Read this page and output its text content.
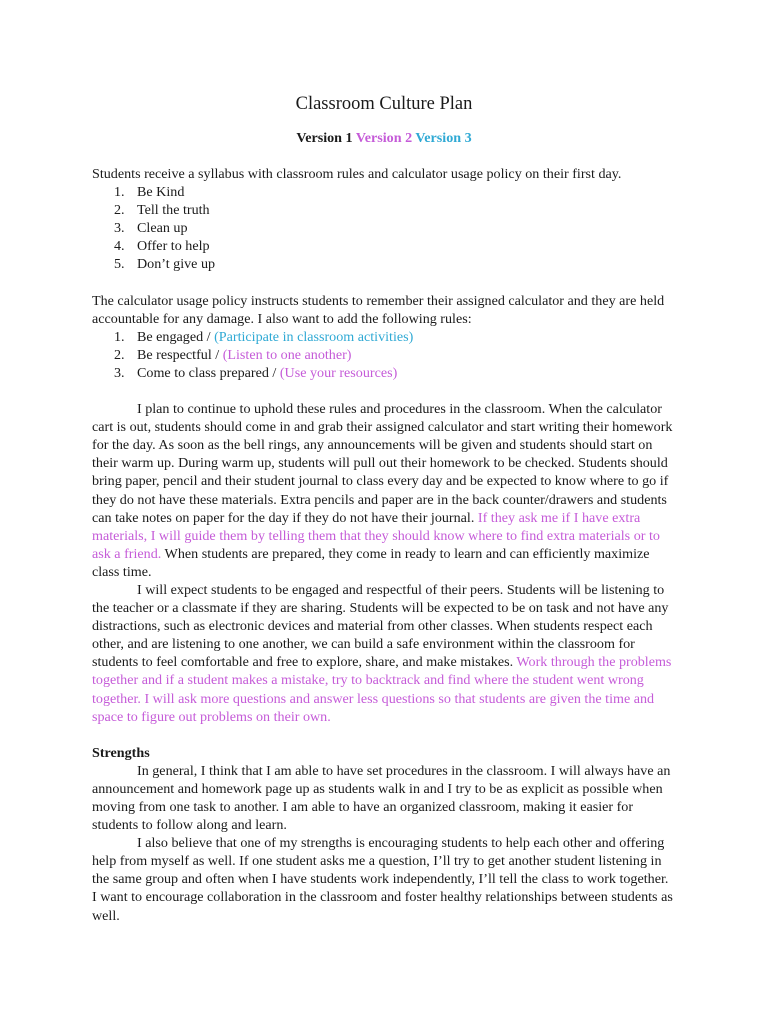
Classroom Culture Plan
Version 1 Version 2 Version 3

Students receive a syllabus with classroom rules and calculator usage policy on their first day.

1. Be Kind
2. Tell the truth
3. Clean up
4. Offer to help
5. Don’t give up

The calculator usage policy instructs students to remember their assigned calculator and they are held accountable for any damage. I also want to add the following rules:

1. Be engaged / (Participate in classroom activities)
2. Be respectful / (Listen to one another)
3. Come to class prepared / (Use your resources)

I plan to continue to uphold these rules and procedures in the classroom. When the calculator cart is out, students should come in and grab their assigned calculator and start writing their homework for the day. As soon as the bell rings, any announcements will be given and students should start on their warm up. During warm up, students will pull out their homework to be checked. Students should bring paper, pencil and their student journal to class every day and be expected to know where to go if they do not have these materials. Extra pencils and paper are in the back counter/drawers and students can take notes on paper for the day if they do not have their journal. If they ask me if I have extra materials, I will guide them by telling them that they should know where to find extra materials or to ask a friend. When students are prepared, they come in ready to learn and can efficiently maximize class time.

I will expect students to be engaged and respectful of their peers. Students will be listening to the teacher or a classmate if they are sharing. Students will be expected to be on task and not have any distractions, such as electronic devices and material from other classes. When students respect each other, and are listening to one another, we can build a safe environment within the classroom for students to feel comfortable and free to explore, share, and make mistakes. Work through the problems together and if a student makes a mistake, try to backtrack and find where the student went wrong together. I will ask more questions and answer less questions so that students are given the time and space to figure out problems on their own.

Strengths

In general, I think that I am able to have set procedures in the classroom. I will always have an announcement and homework page up as students walk in and I try to be as explicit as possible when moving from one task to another. I am able to have an organized classroom, making it easier for students to follow along and learn.

I also believe that one of my strengths is encouraging students to help each other and offering help from myself as well. If one student asks me a question, I’ll try to get another student listening in the same group and often when I have students work independently, I’ll tell the class to work together. I want to encourage collaboration in the classroom and foster healthy relationships between students as well.
